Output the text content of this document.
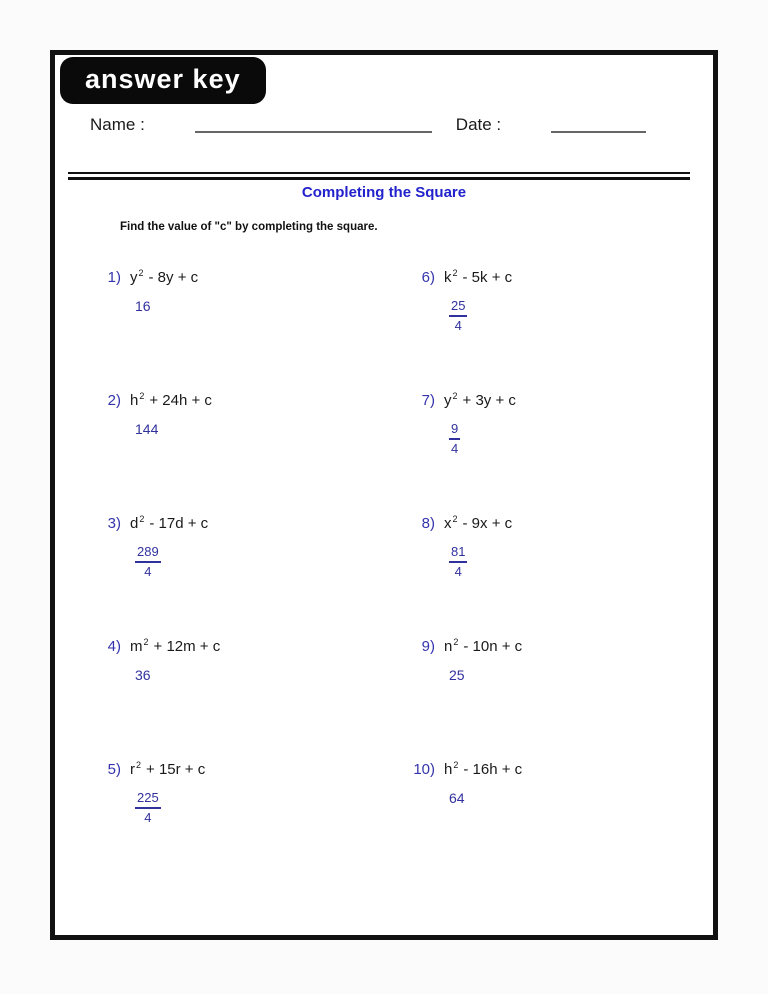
answer key
Name :	Date :
Completing the Square
Find the value of "c" by completing the square.
1) $y^2 - 8y + c$
16
2) $h^2 + 24h + c$
144
3) $d^2 - 17d + c$
$\frac{289}{4}$
4) $m^2 + 12m + c$
36
5) $r^2 + 15r + c$
$\frac{225}{4}$
6) $k^2 - 5k + c$
$\frac{25}{4}$
7) $y^2 + 3y + c$
$\frac{9}{4}$
8) $x^2 - 9x + c$
$\frac{81}{4}$
9) $n^2 - 10n + c$
25
10) $h^2 - 16h + c$
64
